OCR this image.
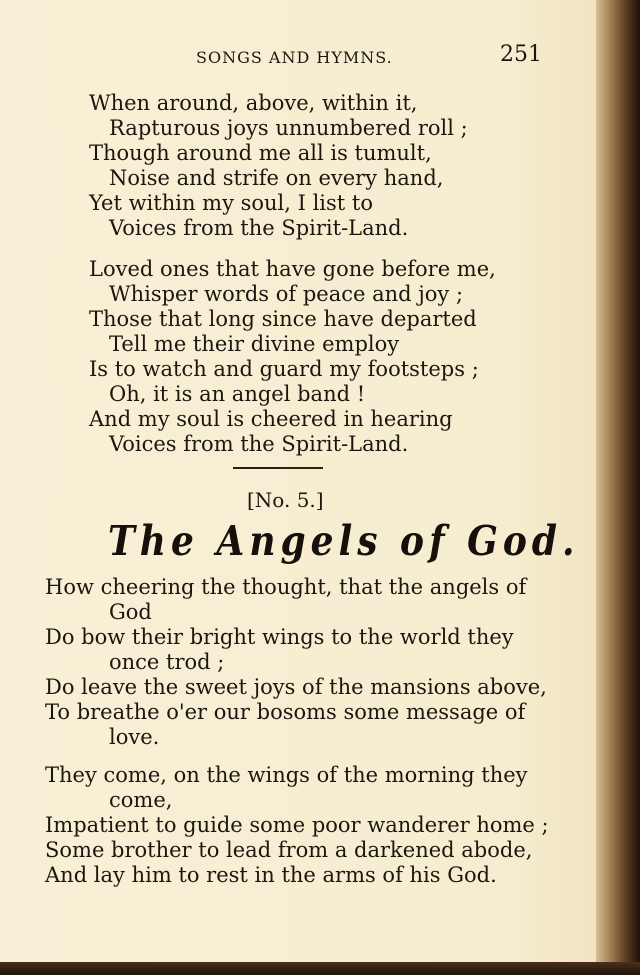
SONGS AND HYMNS.	251
When around, above, within it,
Rapturous joys unnumbered roll ;
Though around me all is tumult,
Noise and strife on every hand,
Yet within my soul, I list to
Voices from the Spirit-Land.
Loved ones that have gone before me,
Whisper words of peace and joy ;
Those that long since have departed
Tell me their divine employ
Is to watch and guard my footsteps ;
Oh, it is an angel band !
And my soul is cheered in hearing
Voices from the Spirit-Land.
[No. 5.]
The Angels of God.
How cheering the thought, that the angels of
God
Do bow their bright wings to the world they
once trod ;
Do leave the sweet joys of the mansions above,
To breathe o'er our bosoms some message of
love.
They come, on the wings of the morning they
come,
Impatient to guide some poor wanderer home ;
Some brother to lead from a darkened abode,
And lay him to rest in the arms of his God.
